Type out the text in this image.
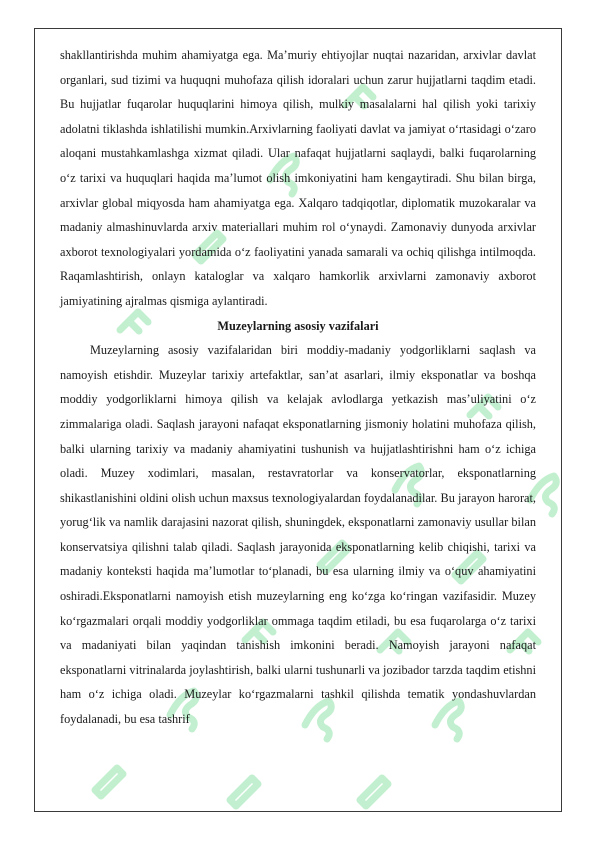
shakllantirishda muhim ahamiyatga ega. Ma’muriy ehtiyojlar nuqtai nazaridan, arxivlar davlat organlari, sud tizimi va huquqni muhofaza qilish idoralari uchun zarur hujjatlarni taqdim etadi. Bu hujjatlar fuqarolar huquqlarini himoya qilish, mulkiy masalalarni hal qilish yoki tarixiy adolatni tiklashda ishlatilishi mumkin.Arxivlarning faoliyati davlat va jamiyat o‘rtasidagi o‘zaro aloqani mustahkamlashga xizmat qiladi. Ular nafaqat hujjatlarni saqlaydi, balki fuqarolarning o‘z tarixi va huquqlari haqida ma’lumot olish imkoniyatini ham kengaytiradi. Shu bilan birga, arxivlar global miqyosda ham ahamiyatga ega. Xalqaro tadqiqotlar, diplomatik muzokaralar va madaniy almashinuvlarda arxiv materiallari muhim rol o‘ynaydi. Zamonaviy dunyoda arxivlar axborot texnologiyalari yordamida o‘z faoliyatini yanada samarali va ochiq qilishga intilmoqda. Raqamlashtirish, onlayn kataloglar va xalqaro hamkorlik arxivlarni zamonaviy axborot jamiyatining ajralmas qismiga aylantiradi.

Muzeylarning asosiy vazifalari

Muzeylarning asosiy vazifalaridan biri moddiy-madaniy yodgorliklarni saqlash va namoyish etishdir. Muzeylar tarixiy artefaktlar, san’at asarlari, ilmiy eksponatlar va boshqa moddiy yodgorliklarni himoya qilish va kelajak avlodlarga yetkazish mas’uliyatini o‘z zimmalariga oladi. Saqlash jarayoni nafaqat eksponatlarning jismoniy holatini muhofaza qilish, balki ularning tarixiy va madaniy ahamiyatini tushunish va hujjatlashtirishni ham o‘z ichiga oladi. Muzey xodimlari, masalan, restavratorlar va konservatorlar, eksponatlarning shikastlanishini oldini olish uchun maxsus texnologiyalardan foydalanadilar. Bu jarayon harorat, yorug‘lik va namlik darajasini nazorat qilish, shuningdek, eksponatlarni zamonaviy usullar bilan konservatsiya qilishni talab qiladi. Saqlash jarayonida eksponatlarning kelib chiqishi, tarixi va madaniy konteksti haqida ma’lumotlar to‘planadi, bu esa ularning ilmiy va o‘quv ahamiyatini oshiradi.Eksponatlarni namoyish etish muzeylarning eng ko‘zga ko‘ringan vazifasidir. Muzey ko‘rgazmalari orqali moddiy yodgorliklar ommaga taqdim etiladi, bu esa fuqarolarga o‘z tarixi va madaniyati bilan yaqindan tanishish imkonini beradi. Namoyish jarayoni nafaqat eksponatlarni vitrinalarda joylashtirish, balki ularni tushunarli va jozibador tarzda taqdim etishni ham o‘z ichiga oladi. Muzeylar ko‘rgazmalarni tashkil qilishda tematik yondashuvlardan foydalanadi, bu esa tashrif
